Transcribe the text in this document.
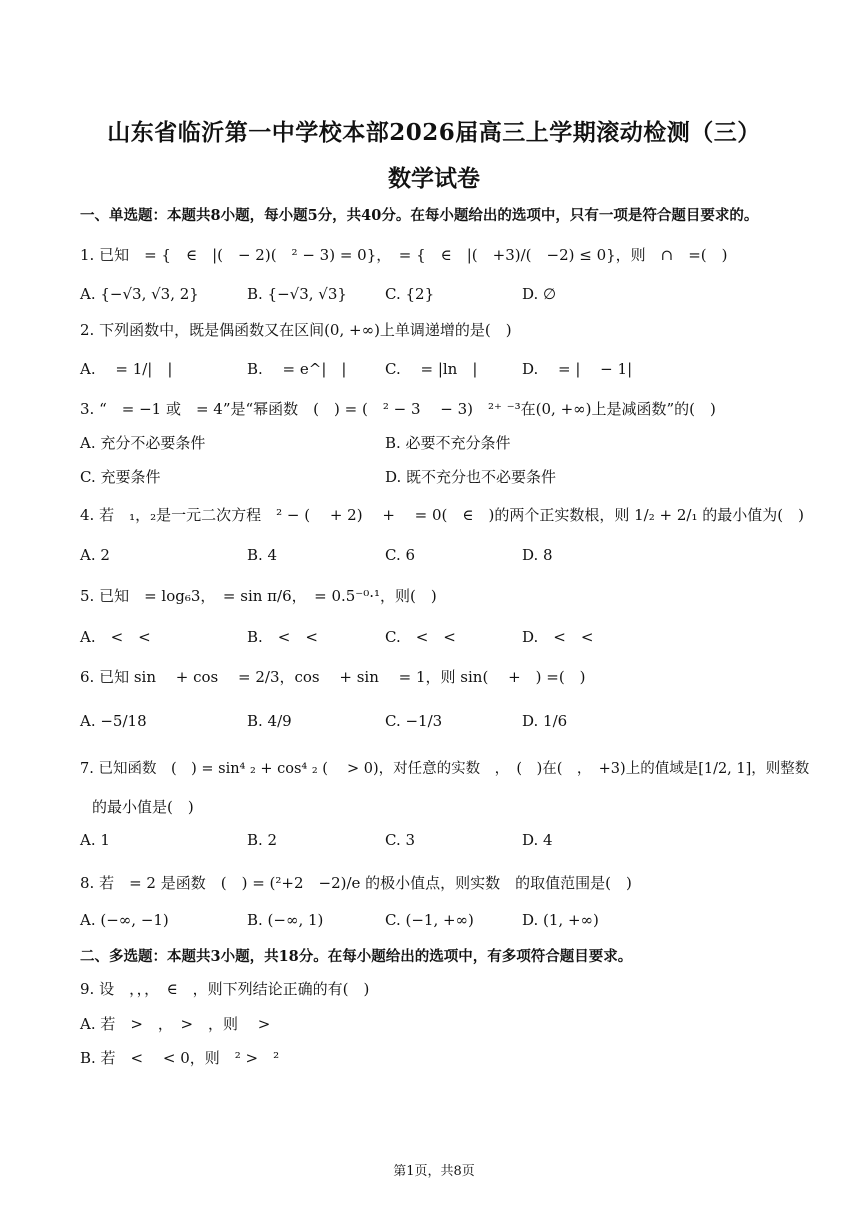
山东省临沂第一中学校本部2026届高三上学期滚动检测（三）
数学试卷
一、单选题：本题共8小题，每小题5分，共40分。在每小题给出的选项中，只有一项是符合题目要求的。
1. 已知　= {　∈　|(　− 2)(　² − 3) = 0}，　= {　∈　|(　+3)/(　−2) ≤ 0}，则　∩　=(　)
A. {−√3, √3, 2}	B. {−√3, √3}	C. {2}	D. ∅
2. 下列函数中，既是偶函数又在区间(0, +∞)上单调递增的是(　)
A.　 = 1/|　|	B.　 = e^|　|	C.　 = |ln　|	D.　 = |　 − 1|
3. “　= −1 或　= 4”是“幂函数　(　) = (　² − 3　 − 3)　²⁺ ⁻³在(0, +∞)上是减函数”的(　)
A. 充分不必要条件	B. 必要不充分条件
C. 充要条件	D. 既不充分也不必要条件
4. 若　₁，₂是一元二次方程　² − (　 + 2)　 +　 = 0(　∈　)的两个正实数根，则 1/₂ + 2/₁ 的最小值为(　)
A. 2	B. 4	C. 6	D. 8
5. 已知　= log₆3，　= sin π/6，　= 0.5⁻⁰·¹，则(　)
A.　<　<	B.　<　<	C.　<　<	D.　<　<
6. 已知 sin　 + cos　 = 2/3，cos　 + sin　 = 1，则 sin(　 +　) =(　)
A. −5/18	B. 4/9	C. −1/3	D. 1/6
7. 已知函数　(　) = sin⁴ ₂ + cos⁴ ₂ (　 > 0)，对任意的实数　，　(　)在(　，　+3)上的值域是[1/2, 1]，则整数
的最小值是(　)
A. 1	B. 2	C. 3	D. 4
8. 若　= 2 是函数　(　) = (²+2　−2)/e 的极小值点，则实数　的取值范围是(　)
A. (−∞, −1)	B. (−∞, 1)	C. (−1, +∞)	D. (1, +∞)
二、多选题：本题共3小题，共18分。在每小题给出的选项中，有多项符合题目要求。
9. 设　，，，　∈　，则下列结论正确的有(　)
A. 若　>　，　>　，则　 >
B. 若　<　 < 0，则　² >　²
第1页，共8页
